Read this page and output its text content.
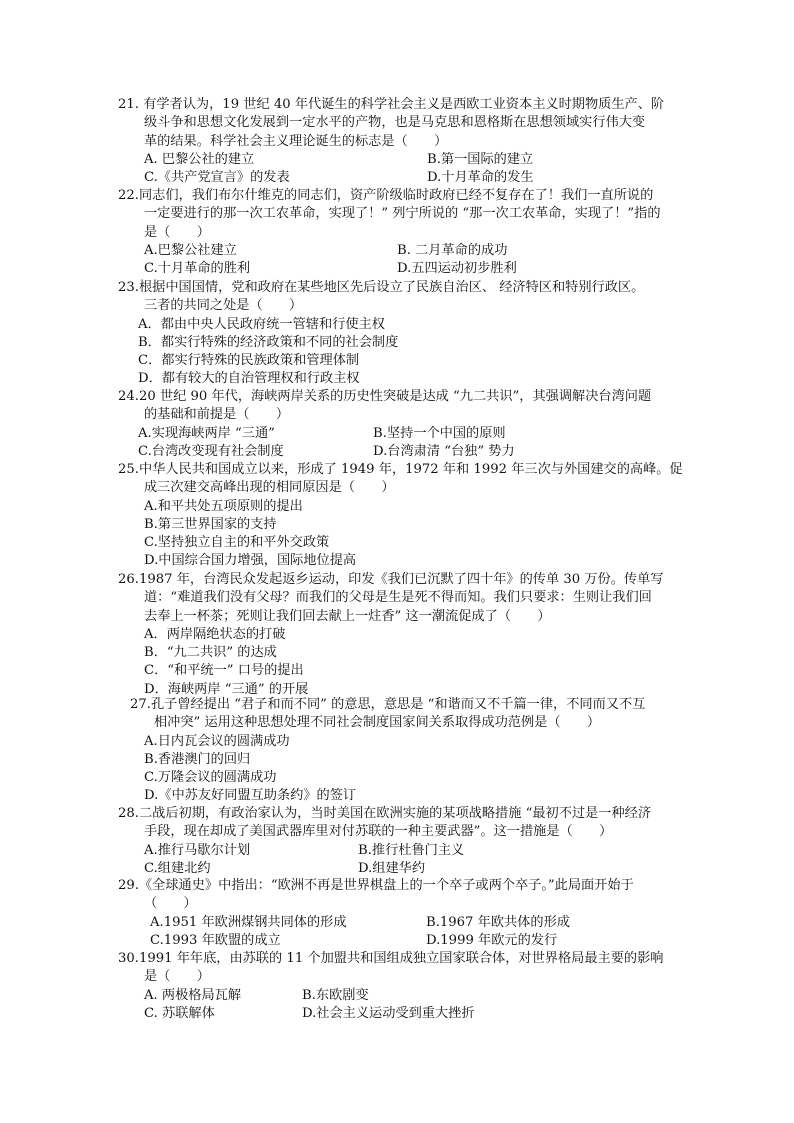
21. 有学者认为，19 世纪 40 年代诞生的科学社会主义是西欧工业资本主义时期物质生产、阶
级斗争和思想文化发展到一定水平的产物，也是马克思和恩格斯在思想领域实行伟大变
革的结果。科学社会主义理论诞生的标志是（　　）
A. 巴黎公社的建立	B.第一国际的建立
C.《共产党宣言》的发表	D.十月革命的发生
22.同志们，我们布尔什维克的同志们，资产阶级临时政府已经不复存在了！我们一直所说的
一定要进行的那一次工农革命，实现了！” 列宁所说的 “那一次工农革命，实现了！”指的
是（　　）
A.巴黎公社建立	B. 二月革命的成功
C.十月革命的胜利	D.五四运动初步胜利
23.根据中国国情，党和政府在某些地区先后设立了民族自治区、 经济特区和特别行政区。
三者的共同之处是（　　）
A．都由中央人民政府统一管辖和行使主权
B．都实行特殊的经济政策和不同的社会制度
C．都实行特殊的民族政策和管理体制
D．都有较大的自治管理权和行政主权
24.20 世纪 90 年代，海峡两岸关系的历史性突破是达成 “九二共识”，其强调解决台湾问题
的基础和前提是（　　）
A.实现海峡两岸 “三通”	B.坚持一个中国的原则
C.台湾改变现有社会制度	D.台湾肃清 “台独” 势力
25.中华人民共和国成立以来，形成了 1949 年，1972 年和 1992 年三次与外国建交的高峰。促
成三次建交高峰出现的相同原因是（　　）
A.和平共处五项原则的提出
B.第三世界国家的支持
C.坚持独立自主的和平外交政策
D.中国综合国力增强，国际地位提高
26.1987 年，台湾民众发起返乡运动，印发《我们已沉默了四十年》的传单 30 万份。传单写
道：“难道我们没有父母？而我们的父母是生是死不得而知。我们只要求：生则让我们回
去奉上一杯茶；死则让我们回去献上一炷香” 这一潮流促成了（　　）
A．两岸隔绝状态的打破
B．“九二共识” 的达成
C．“和平统一” 口号的提出
D．海峡两岸 “三通” 的开展
27.孔子曾经提出 “君子和而不同” 的意思，意思是 “和谐而又不千篇一律，不同而又不互
相冲突” 运用这种思想处理不同社会制度国家间关系取得成功范例是（　　）
A.日内瓦会议的圆满成功
B.香港澳门的回归
C.万隆会议的圆满成功
D.《中苏友好同盟互助条约》的签订
28.二战后初期，有政治家认为，当时美国在欧洲实施的某项战略措施 “最初不过是一种经济
手段，现在却成了美国武器库里对付苏联的一种主要武器”。这一措施是（　　）
A.推行马歇尔计划	B.推行杜鲁门主义
C.组建北约	D.组建华约
29.《全球通史》中指出：“欧洲不再是世界棋盘上的一个卒子或两个卒子。”此局面开始于
（　　）
A.1951 年欧洲煤钢共同体的形成	B.1967 年欧共体的形成
C.1993 年欧盟的成立	D.1999 年欧元的发行
30.1991 年年底，由苏联的 11 个加盟共和国组成独立国家联合体，对世界格局最主要的影响
是（　　）
A. 两极格局瓦解	B.东欧剧变
C. 苏联解体	D.社会主义运动受到重大挫折
